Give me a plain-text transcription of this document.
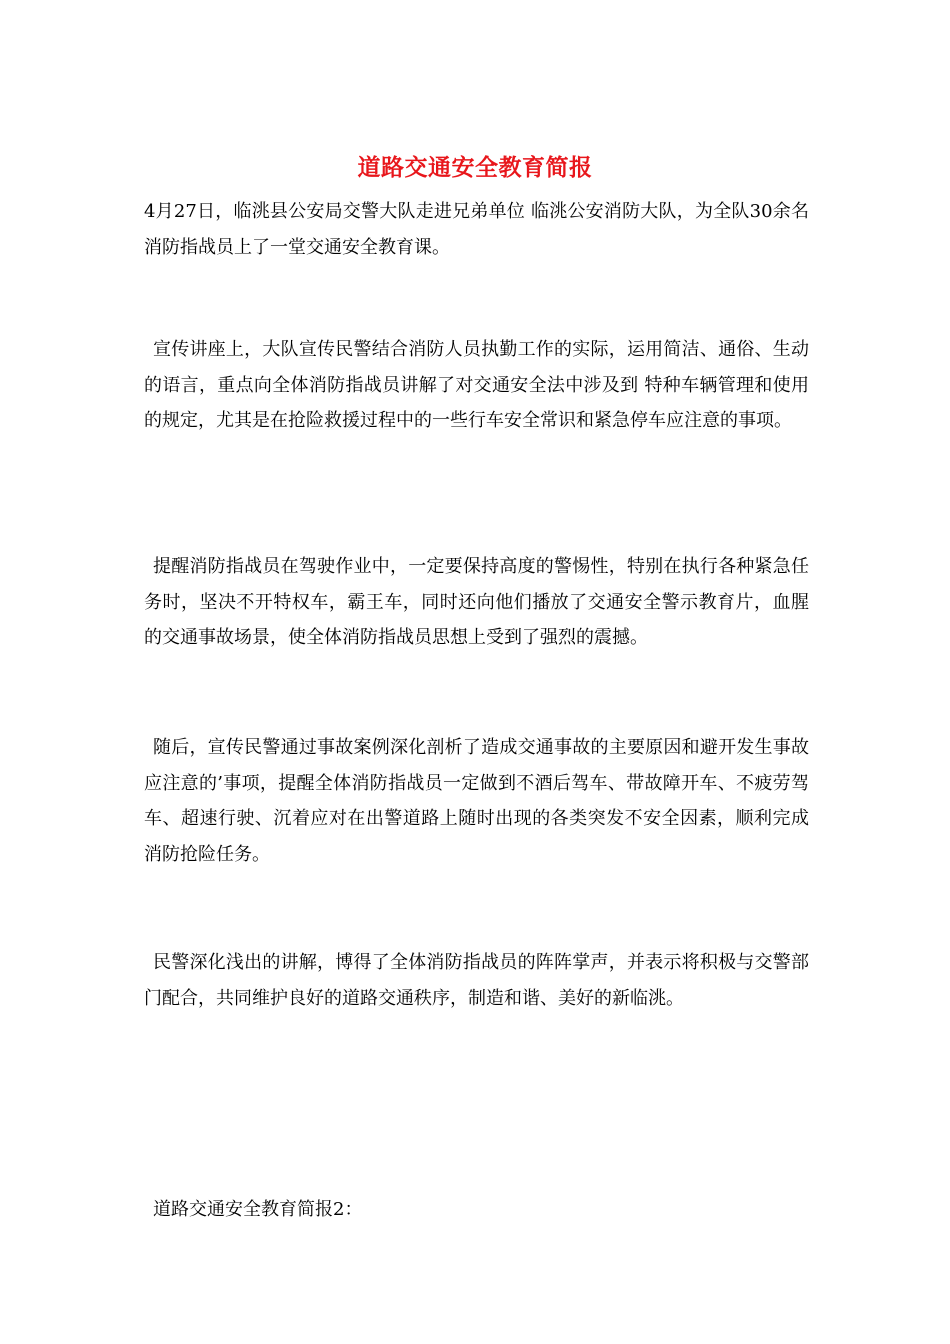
道路交通安全教育简报

4月27日，临洮县公安局交警大队走进兄弟单位 临洮公安消防大队，为全队30余名消防指战员上了一堂交通安全教育课。

宣传讲座上，大队宣传民警结合消防人员执勤工作的实际，运用简洁、通俗、生动的语言，重点向全体消防指战员讲解了对交通安全法中涉及到 特种车辆管理和使用的规定，尤其是在抢险救援过程中的一些行车安全常识和紧急停车应注意的事项。

提醒消防指战员在驾驶作业中，一定要保持高度的警惕性，特别在执行各种紧急任务时，坚决不开特权车，霸王车，同时还向他们播放了交通安全警示教育片，血腥的交通事故场景，使全体消防指战员思想上受到了强烈的震撼。

随后，宣传民警通过事故案例深化剖析了造成交通事故的主要原因和避开发生事故应注意的’事项，提醒全体消防指战员一定做到不酒后驾车、带故障开车、不疲劳驾车、超速行驶、沉着应对在出警道路上随时出现的各类突发不安全因素，顺利完成消防抢险任务。

民警深化浅出的讲解，博得了全体消防指战员的阵阵掌声，并表示将积极与交警部门配合，共同维护良好的道路交通秩序，制造和谐、美好的新临洮。

道路交通安全教育简报2：
